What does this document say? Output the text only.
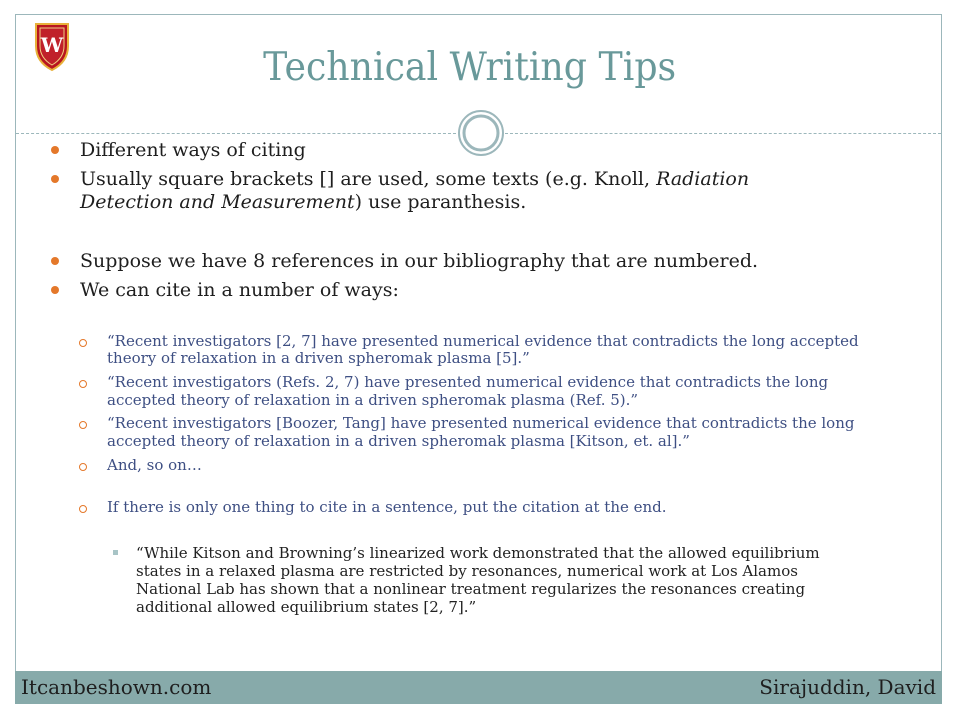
W	Technical Writing Tips
Different ways of citing
Usually square brackets [] are used, some texts (e.g. Knoll, Radiation
Detection and Measurement) use paranthesis.
Suppose we have 8 references in our bibliography that are numbered.
We can cite in a number of ways:
“Recent investigators [2, 7] have presented numerical evidence that contradicts the long accepted
theory of relaxation in a driven spheromak plasma [5].”
“Recent investigators (Refs. 2, 7) have presented numerical evidence that contradicts the long
accepted theory of relaxation in a driven spheromak plasma (Ref. 5).”
“Recent investigators [Boozer, Tang] have presented numerical evidence that contradicts the long
accepted theory of relaxation in a driven spheromak plasma [Kitson, et. al].”
And, so on…
If there is only one thing to cite in a sentence, put the citation at the end.
“While Kitson and Browning’s linearized work demonstrated that the allowed equilibrium
states in a relaxed plasma are restricted by resonances, numerical work at Los Alamos
National Lab has shown that a nonlinear treatment regularizes the resonances creating
additional allowed equilibrium states [2, 7].”
Itcanbeshown.com	Sirajuddin, David
